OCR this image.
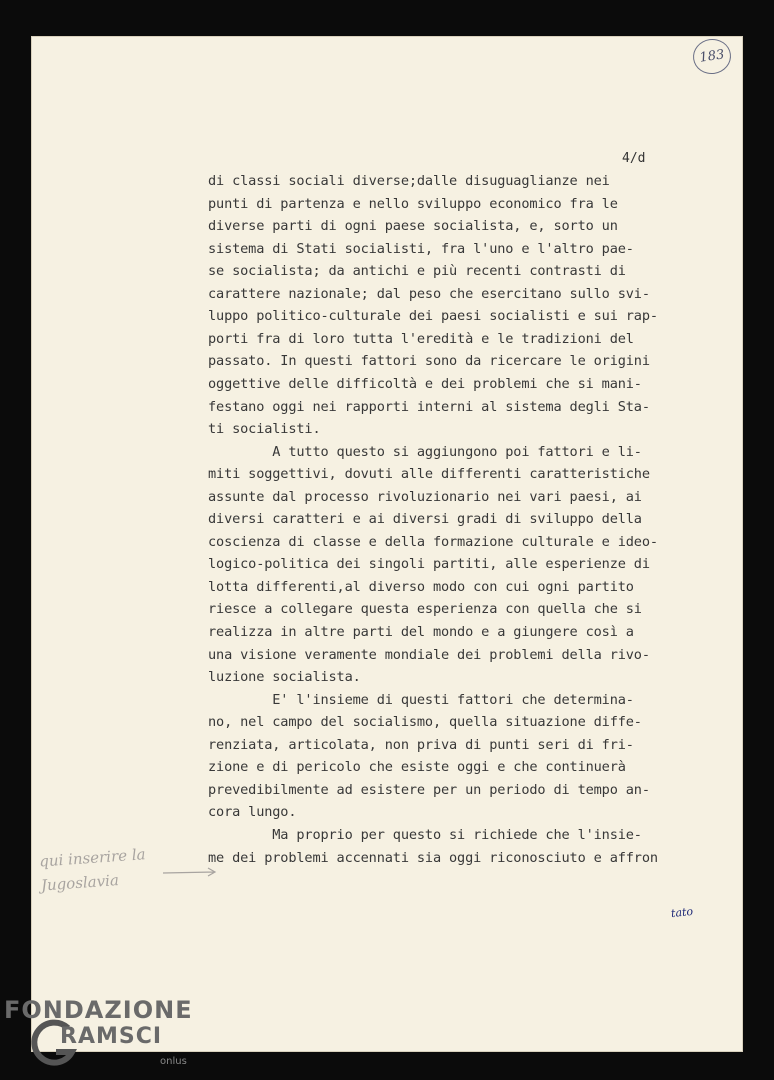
183
4/d
di classi sociali diverse;dalle disuguaglianze nei
punti di partenza e nello sviluppo economico fra le
diverse parti di ogni paese socialista, e, sorto un
sistema di Stati socialisti, fra l'uno e l'altro pae-
se socialista; da antichi e più recenti contrasti di
carattere nazionale; dal peso che esercitano sullo svi-
luppo politico-culturale dei paesi socialisti e sui rap-
porti fra di loro tutta l'eredità e le tradizioni del
passato. In questi fattori sono da ricercare le origini
oggettive delle difficoltà e dei problemi che si mani-
festano oggi nei rapporti interni al sistema degli Sta-
ti socialisti.
A tutto questo si aggiungono poi fattori e li-
miti soggettivi, dovuti alle differenti caratteristiche
assunte dal processo rivoluzionario nei vari paesi, ai
diversi caratteri e ai diversi gradi di sviluppo della
coscienza di classe e della formazione culturale e ideo-
logico-politica dei singoli partiti, alle esperienze di
lotta differenti,al diverso modo con cui ogni partito
riesce a collegare questa esperienza con quella che si
realizza in altre parti del mondo e a giungere così a
una visione veramente mondiale dei problemi della rivo-
luzione socialista.
E' l'insieme di questi fattori che determina-
no, nel campo del socialismo, quella situazione diffe-
renziata, articolata, non priva di punti seri di fri-
zione e di pericolo che esiste oggi e che continuerà
prevedibilmente ad esistere per un periodo di tempo an-
cora lungo.
Ma proprio per questo si richiede che l'insie-
me dei problemi accennati sia oggi riconosciuto e affron
qui inserire la Jugoslavia
tato
FONDAZIONE
RAMSCI
onlus
